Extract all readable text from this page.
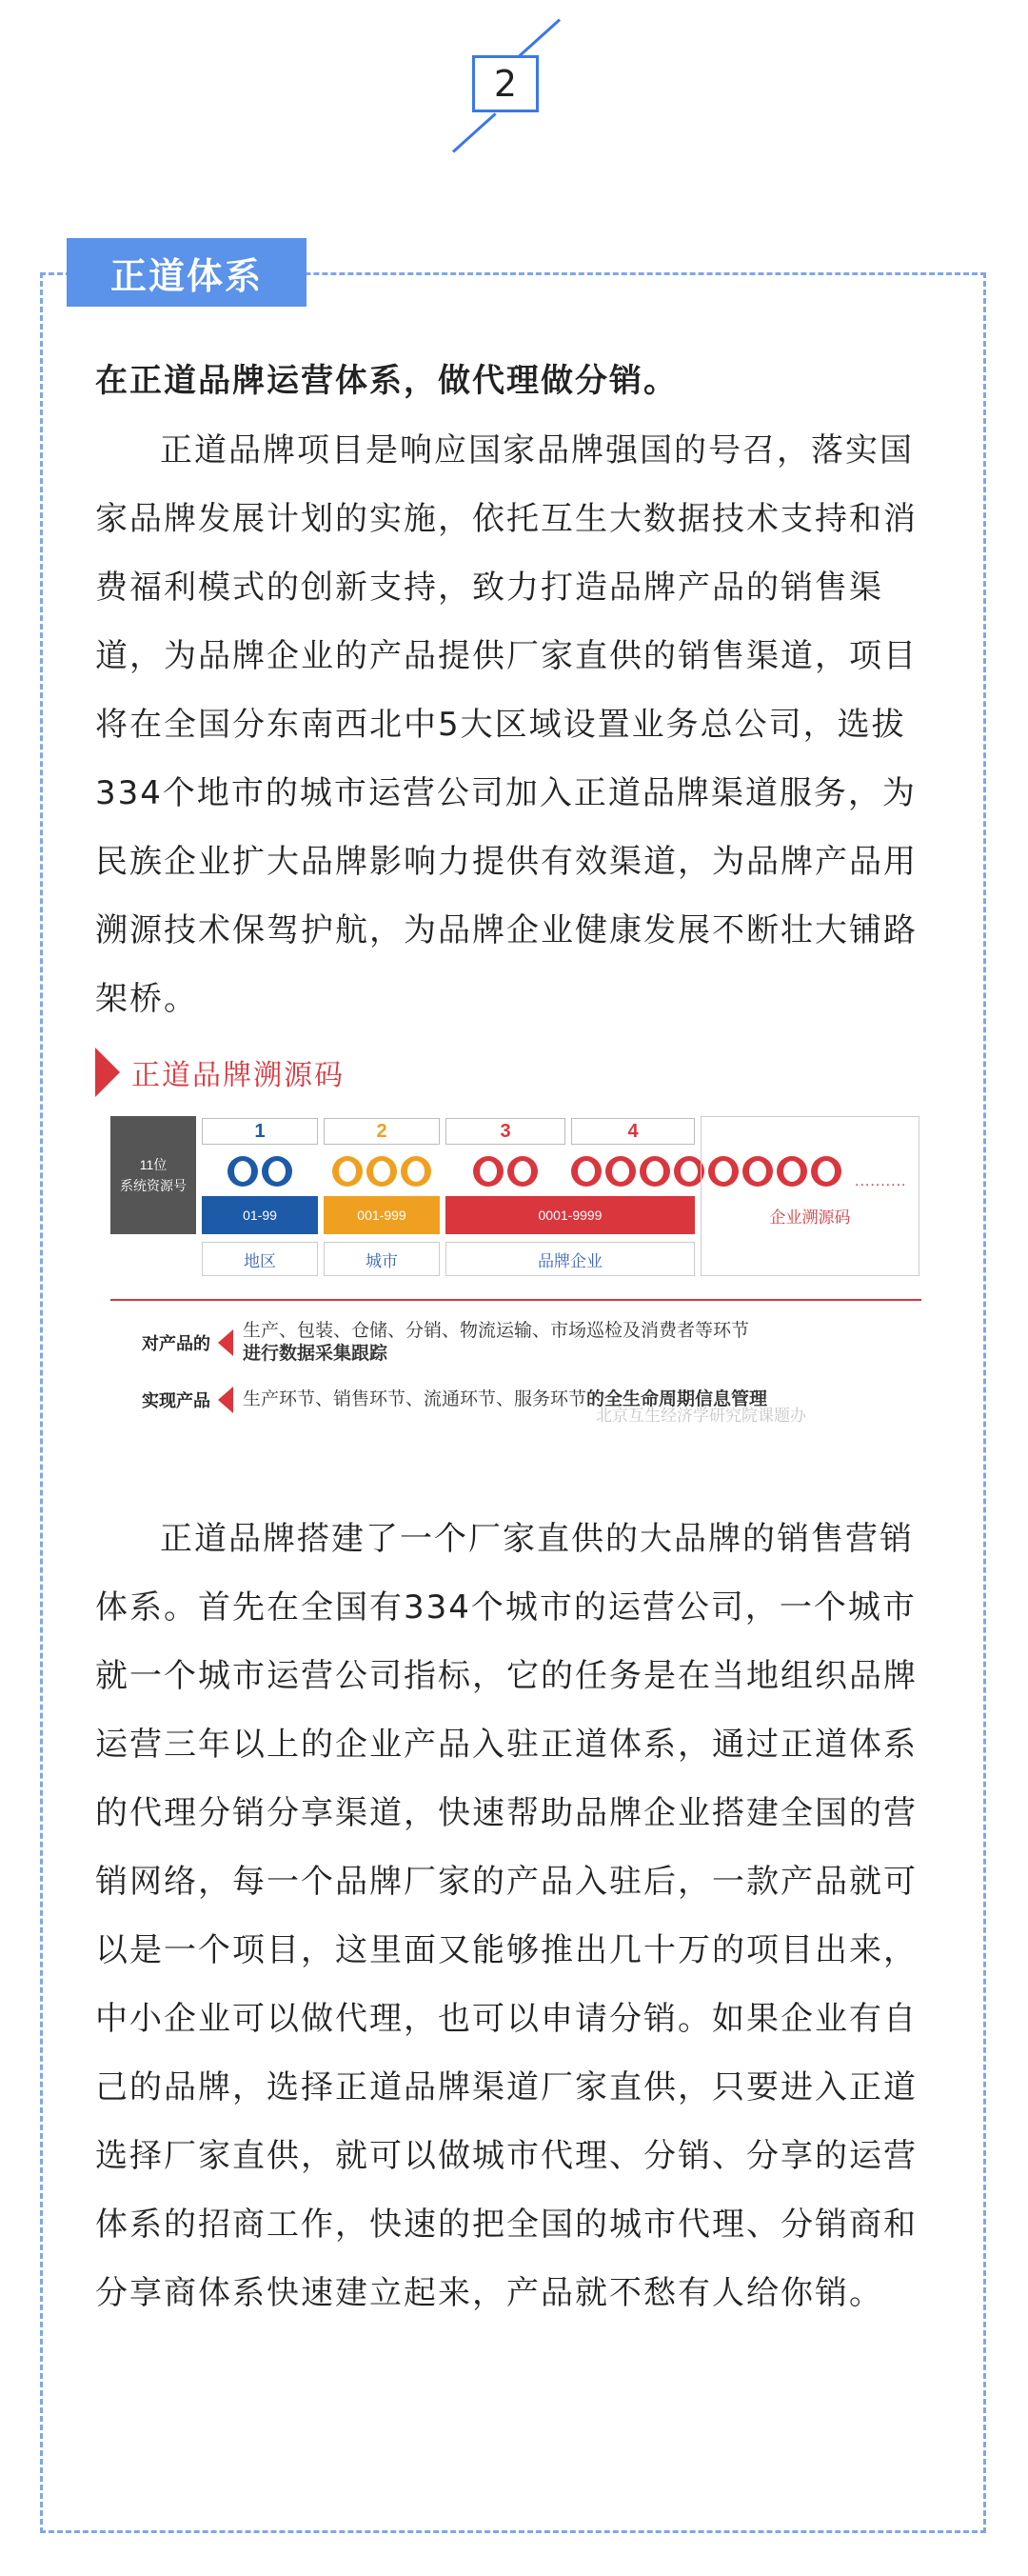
2
正道体系
在正道品牌运营体系，做代理做分销。
正道品牌项目是响应国家品牌强国的号召，落实国家品牌发展计划的实施，依托互生大数据技术支持和消费福利模式的创新支持，致力打造品牌产品的销售渠道，为品牌企业的产品提供厂家直供的销售渠道，项目将在全国分东南西北中5大区域设置业务总公司，选拔334个地市的城市运营公司加入正道品牌渠道服务，为民族企业扩大品牌影响力提供有效渠道，为品牌产品用溯源技术保驾护航，为品牌企业健康发展不断壮大铺路架桥。
正道品牌溯源码
11位
系统资源号
1
01-99
地区
2
001-999
城市
3	4
..........
0001-9999
品牌企业
企业溯源码
对产品的
生产、包装、仓储、分销、物流运输、市场巡检及消费者等环节
进行数据采集跟踪
实现产品 生产环节、销售环节、流通环节、服务环节的全生命周期信息管理
北京互生经济学研究院课题办
正道品牌搭建了一个厂家直供的大品牌的销售营销体系。首先在全国有334个城市的运营公司，一个城市就一个城市运营公司指标，它的任务是在当地组织品牌运营三年以上的企业产品入驻正道体系，通过正道体系的代理分销分享渠道，快速帮助品牌企业搭建全国的营销网络，每一个品牌厂家的产品入驻后，一款产品就可以是一个项目，这里面又能够推出几十万的项目出来，中小企业可以做代理，也可以申请分销。如果企业有自己的品牌，选择正道品牌渠道厂家直供，只要进入正道选择厂家直供，就可以做城市代理、分销、分享的运营体系的招商工作，快速的把全国的城市代理、分销商和分享商体系快速建立起来，产品就不愁有人给你销。
